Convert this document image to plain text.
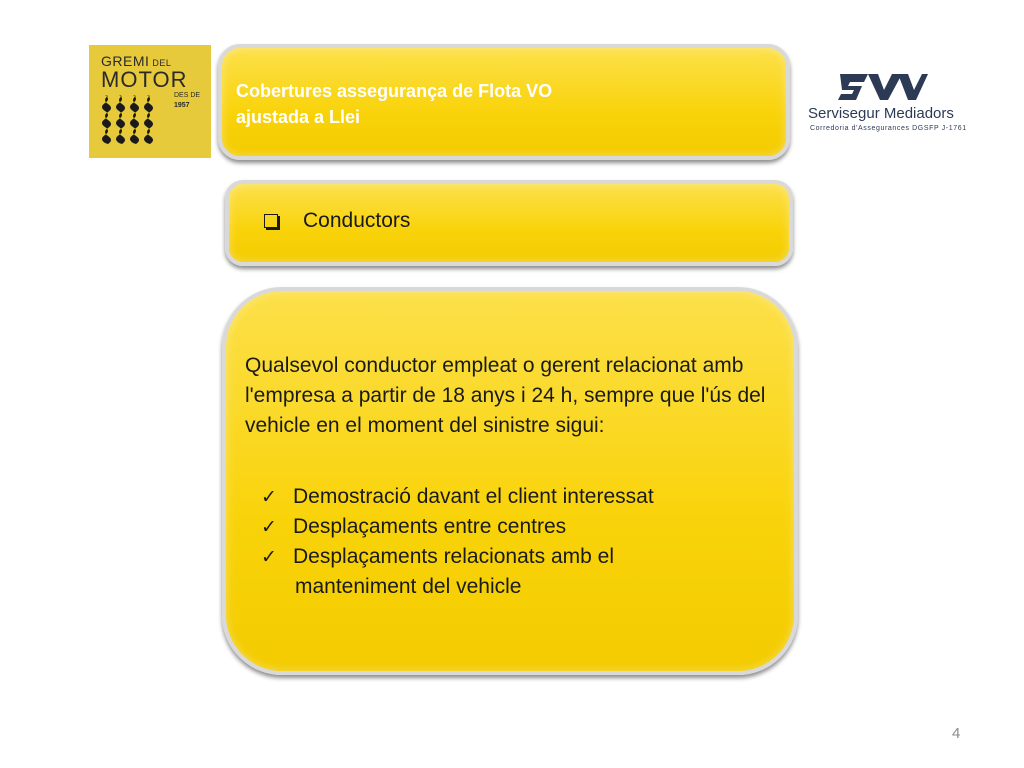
GREMI DEL
MOTOR
DES DE
1957
Cobertures assegurança de Flota VO
ajustada a Llei	Servisegur Mediadors
Corredoria d'Assegurances DGSFP J-1761
Conductors
Qualsevol conductor empleat o gerent relacionat amb l'empresa a partir de 18 anys i 24 h, sempre que l'ús del vehicle en el moment del sinistre sigui:
✓ Demostració davant el client interessat
✓ Desplaçaments entre centres
✓ Desplaçaments relacionats amb el
manteniment del vehicle
4
